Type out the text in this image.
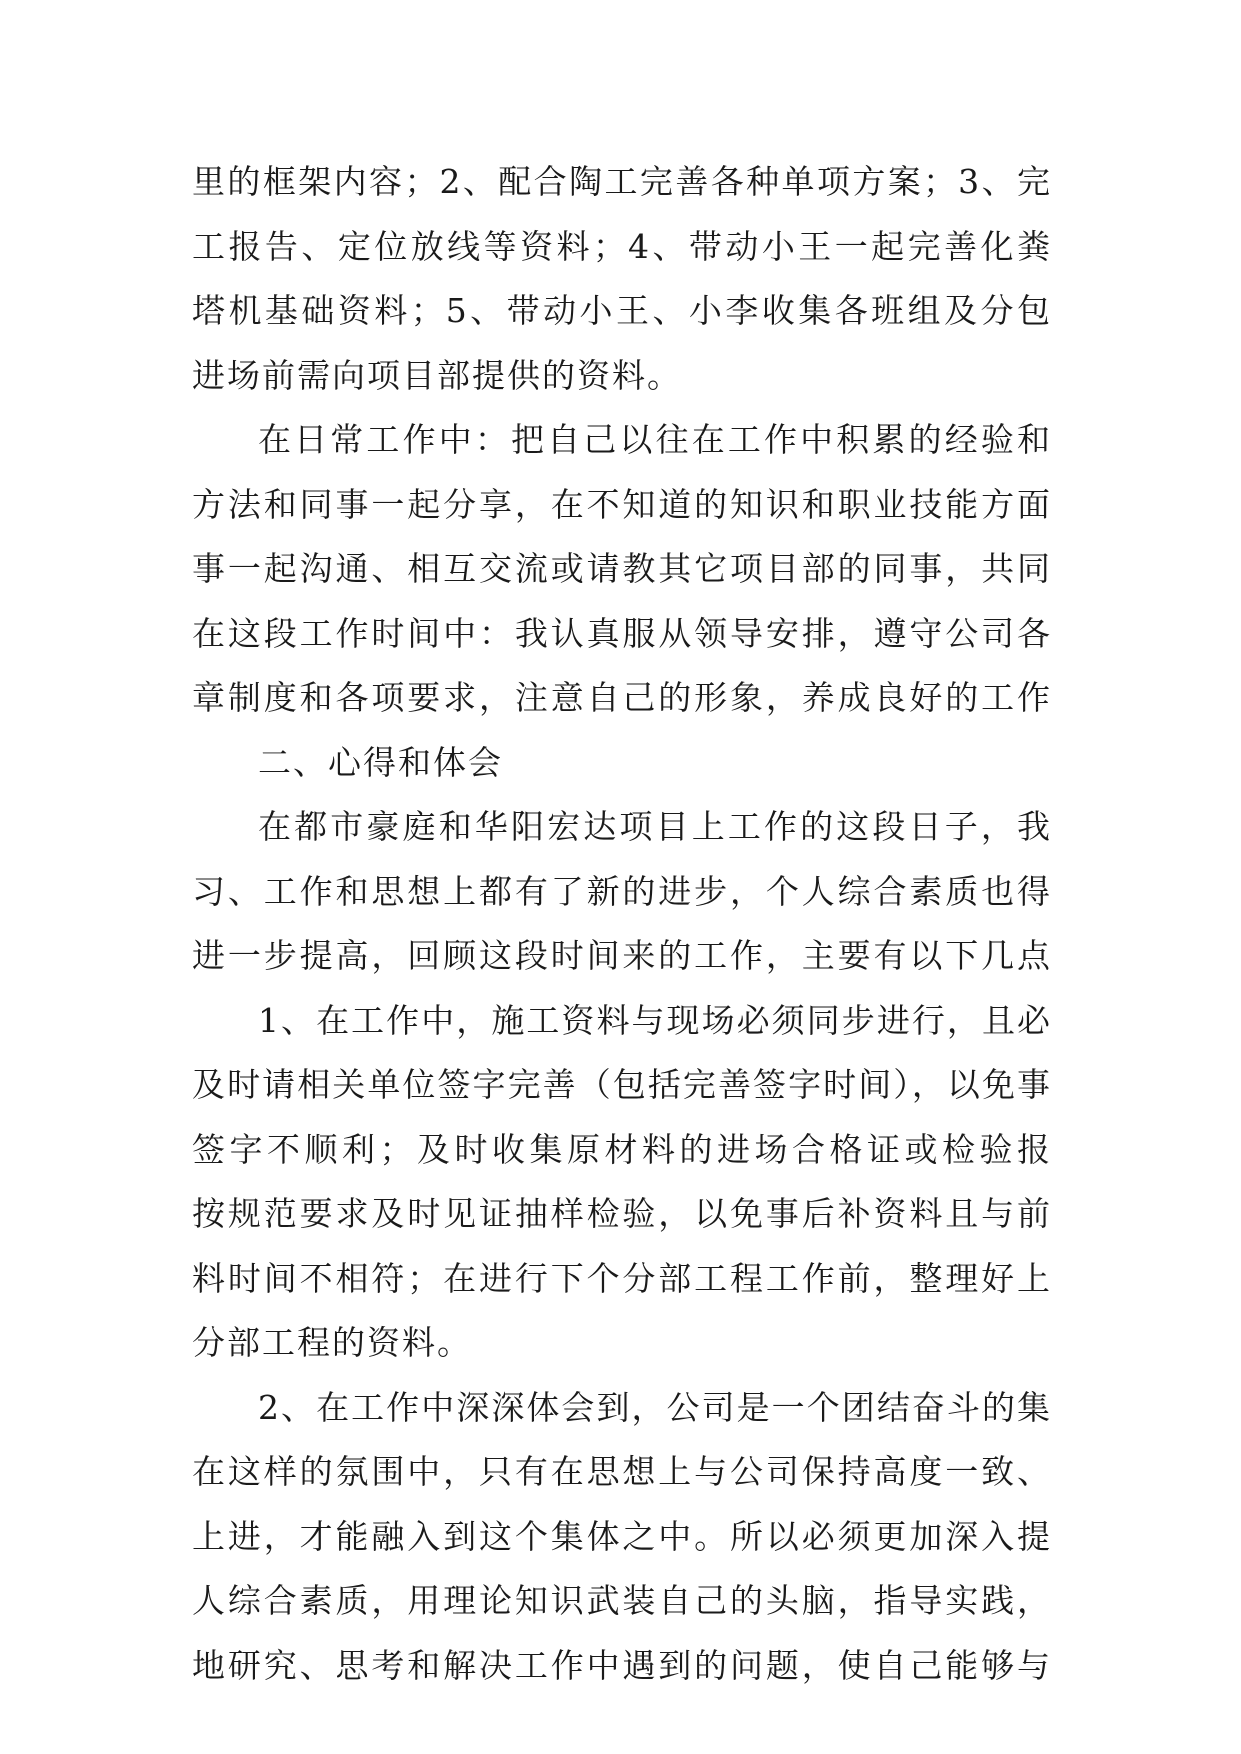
里的框架内容；2、配合陶工完善各种单项方案；3、完
工报告、定位放线等资料；4、带动小王一起完善化粪
塔机基础资料；5、带动小王、小李收集各班组及分包
进场前需向项目部提供的资料。
在日常工作中：把自己以往在工作中积累的经验和
方法和同事一起分享，在不知道的知识和职业技能方面
事一起沟通、相互交流或请教其它项目部的同事，共同
在这段工作时间中：我认真服从领导安排，遵守公司各
章制度和各项要求，注意自己的形象，养成良好的工作
二、心得和体会
在都市豪庭和华阳宏达项目上工作的这段日子，我
习、工作和思想上都有了新的进步，个人综合素质也得
进一步提高，回顾这段时间来的工作，主要有以下几点
1、在工作中，施工资料与现场必须同步进行，且必
及时请相关单位签字完善（包括完善签字时间），以免事
签字不顺利；及时收集原材料的进场合格证或检验报
按规范要求及时见证抽样检验，以免事后补资料且与前
料时间不相符；在进行下个分部工程工作前，整理好上
分部工程的资料。
2、在工作中深深体会到，公司是一个团结奋斗的集
在这样的氛围中，只有在思想上与公司保持高度一致、
上进，才能融入到这个集体之中。所以必须更加深入提
人综合素质，用理论知识武装自己的头脑，指导实践，
地研究、思考和解决工作中遇到的问题，使自己能够与
